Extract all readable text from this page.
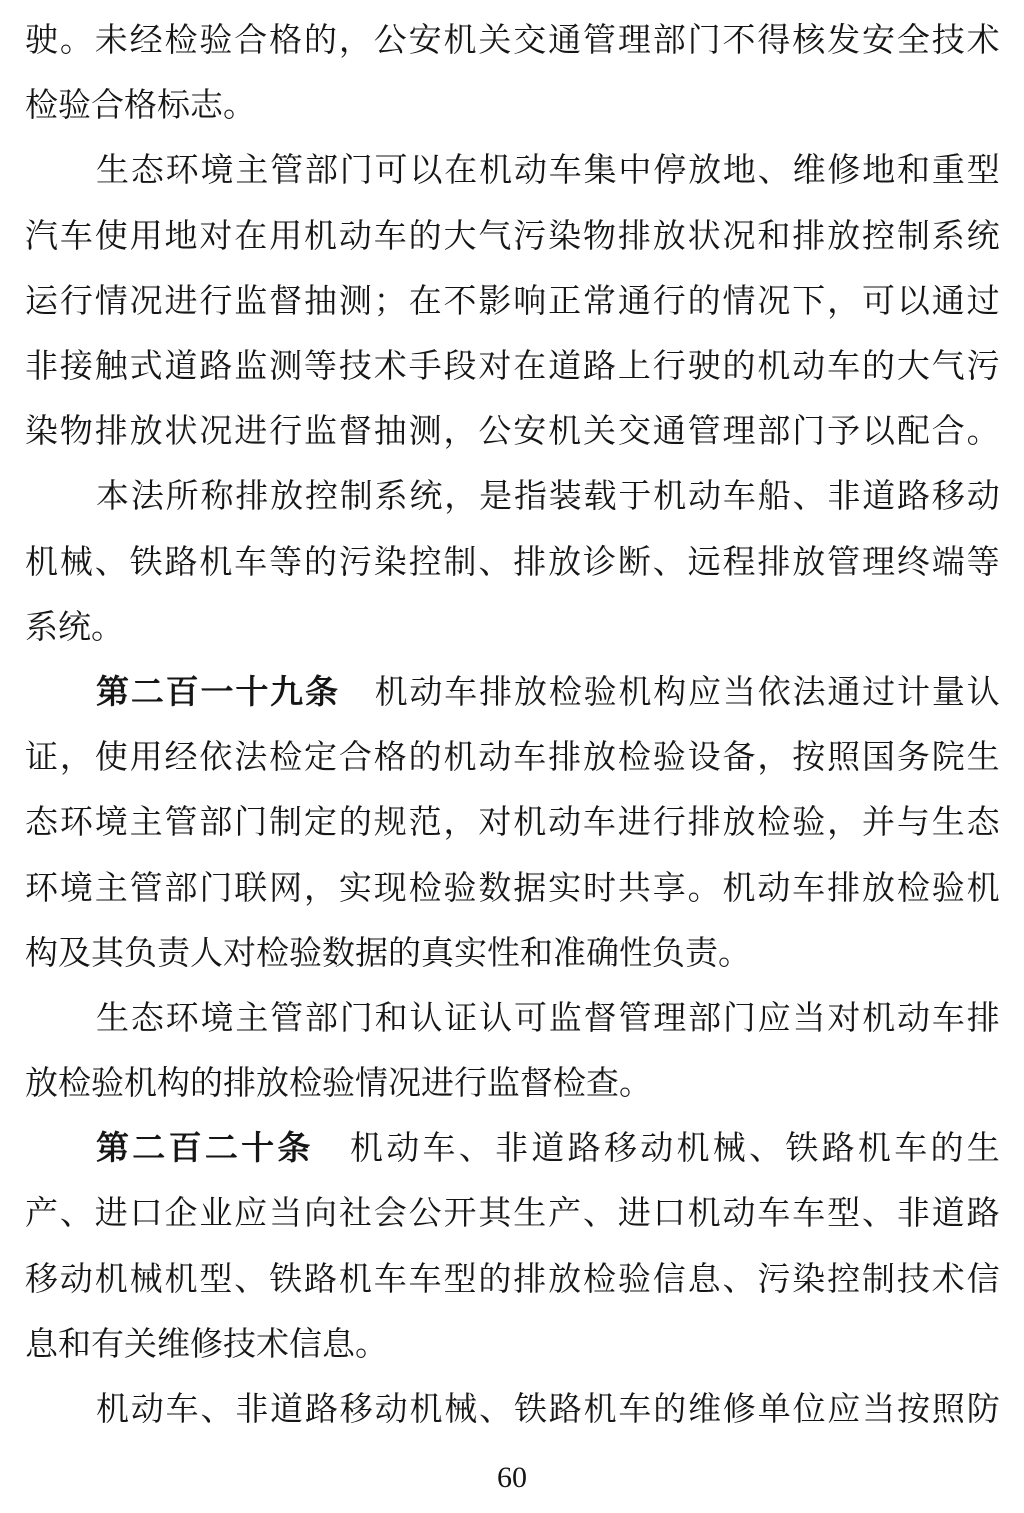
驶 。 未 经 检 验 合 格 的 ， 公 安 机 关 交 通 管 理 部 门 不 得 核 发 安 全 技 术
检验合格标志。
生 态 环 境 主 管 部 门 可 以 在 机 动 车 集 中 停 放 地 、 维 修 地 和 重 型
汽 车 使 用 地 对 在 用 机 动 车 的 大 气 污 染 物 排 放 状 况 和 排 放 控 制 系 统
运 行 情 况 进 行 监 督 抽 测 ； 在 不 影 响 正 常 通 行 的 情 况 下 ， 可 以 通 过
非 接 触 式 道 路 监 测 等 技 术 手 段 对 在 道 路 上 行 驶 的 机 动 车 的 大 气 污
染 物 排 放 状 况 进 行 监 督 抽 测 ， 公 安 机 关 交 通 管 理 部 门 予 以 配 合 。
本 法 所 称 排 放 控 制 系 统 ， 是 指 装 载 于 机 动 车 船 、 非 道 路 移 动
机 械 、 铁 路 机 车 等 的 污 染 控 制 、 排 放 诊 断 、 远 程 排 放 管 理 终 端 等
系统。
第 二 百 一 十 九 条
　 机 动 车 排 放 检 验 机 构 应 当 依 法 通 过 计 量 认
证 ， 使 用 经 依 法 检 定 合 格 的 机 动 车 排 放 检 验 设 备 ， 按 照 国 务 院 生
态 环 境 主 管 部 门 制 定 的 规 范 ， 对 机 动 车 进 行 排 放 检 验 ， 并 与 生 态
环 境 主 管 部 门 联 网 ， 实 现 检 验 数 据 实 时 共 享 。 机 动 车 排 放 检 验 机
构及其负责人对检验数据的真实性和准确性负责。
生 态 环 境 主 管 部 门 和 认 证 认 可 监 督 管 理 部 门 应 当 对 机 动 车 排
放检验机构的排放检验情况进行监督检查。
第 二 百 二 十 条
　 机 动 车 、 非 道 路 移 动 机 械 、 铁 路 机 车 的 生
产 、 进 口 企 业 应 当 向 社 会 公 开 其 生 产 、 进 口 机 动 车 车 型 、 非 道 路
移 动 机 械 机 型 、 铁 路 机 车 车 型 的 排 放 检 验 信 息 、 污 染 控 制 技 术 信
息和有关维修技术信息。
机 动 车 、 非 道 路 移 动 机 械 、 铁 路 机 车 的 维 修 单 位 应 当 按 照 防
60
